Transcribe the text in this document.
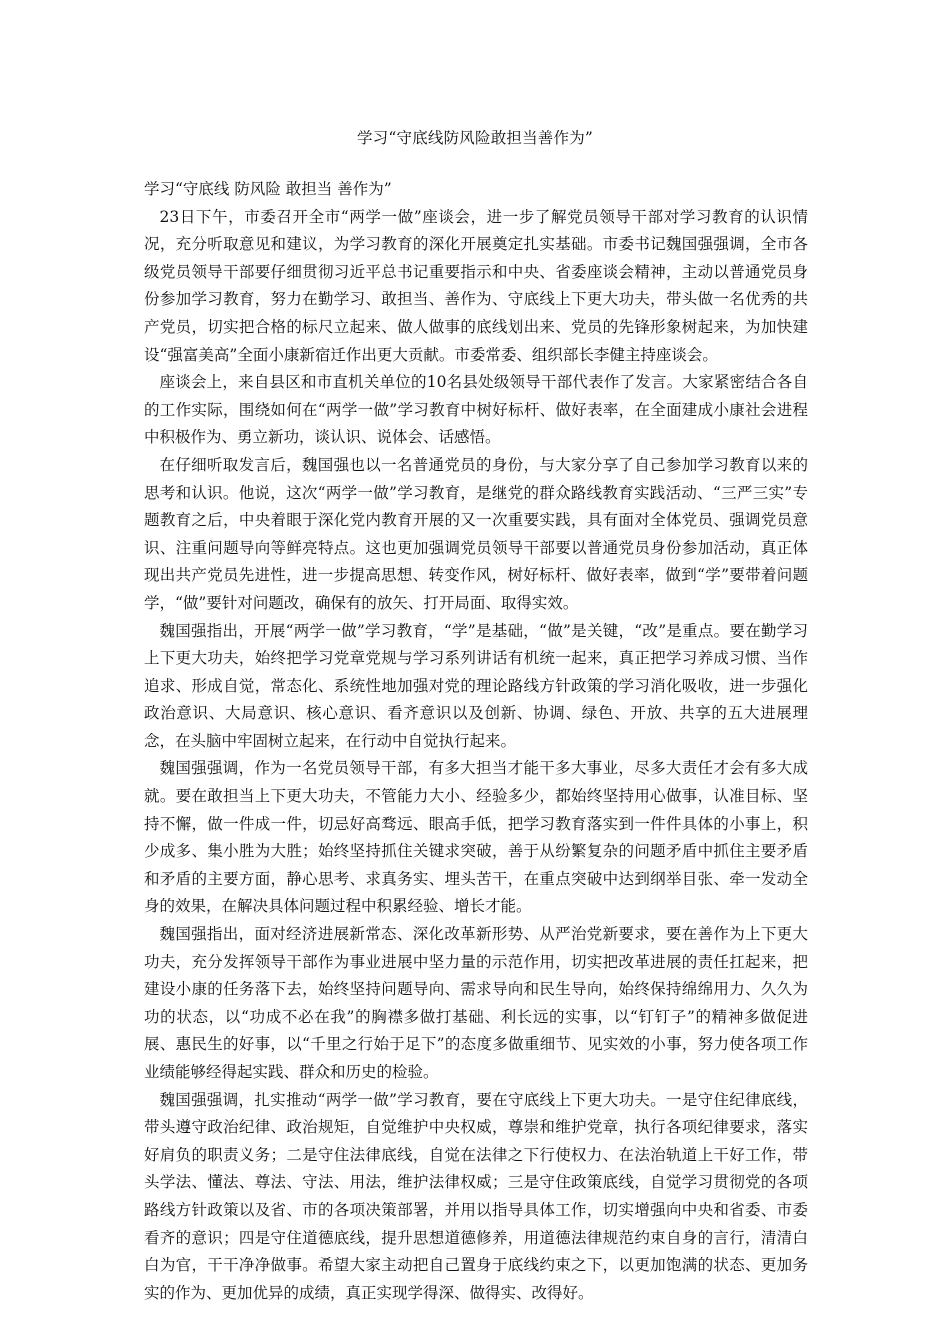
学习“守底线防风险敢担当善作为”

学习“守底线 防风险 敢担当 善作为”

23日下午，市委召开全市“两学一做”座谈会，进一步了解党员领导干部对学习教育的认识情况，充分听取意见和建议，为学习教育的深化开展奠定扎实基础。市委书记魏国强强调，全市各级党员领导干部要仔细贯彻习近平总书记重要指示和中央、省委座谈会精神，主动以普通党员身份参加学习教育，努力在勤学习、敢担当、善作为、守底线上下更大功夫，带头做一名优秀的共产党员，切实把合格的标尺立起来、做人做事的底线划出来、党员的先锋形象树起来，为加快建设“强富美高”全面小康新宿迁作出更大贡献。市委常委、组织部长李健主持座谈会。

座谈会上，来自县区和市直机关单位的10名县处级领导干部代表作了发言。大家紧密结合各自的工作实际，围绕如何在“两学一做”学习教育中树好标杆、做好表率，在全面建成小康社会进程中积极作为、勇立新功，谈认识、说体会、话感悟。

在仔细听取发言后，魏国强也以一名普通党员的身份，与大家分享了自己参加学习教育以来的思考和认识。他说，这次“两学一做”学习教育，是继党的群众路线教育实践活动、“三严三实”专题教育之后，中央着眼于深化党内教育开展的又一次重要实践，具有面对全体党员、强调党员意识、注重问题导向等鲜亮特点。这也更加强调党员领导干部要以普通党员身份参加活动，真正体现出共产党员先进性，进一步提高思想、转变作风，树好标杆、做好表率，做到“学”要带着问题学，“做”要针对问题改，确保有的放矢、打开局面、取得实效。

魏国强指出，开展“两学一做”学习教育，“学”是基础，“做”是关键，“改”是重点。要在勤学习上下更大功夫，始终把学习党章党规与学习系列讲话有机统一起来，真正把学习养成习惯、当作追求、形成自觉，常态化、系统性地加强对党的理论路线方针政策的学习消化吸收，进一步强化政治意识、大局意识、核心意识、看齐意识以及创新、协调、绿色、开放、共享的五大进展理念，在头脑中牢固树立起来，在行动中自觉执行起来。

魏国强强调，作为一名党员领导干部，有多大担当才能干多大事业，尽多大责任才会有多大成就。要在敢担当上下更大功夫，不管能力大小、经验多少，都始终坚持用心做事，认准目标、坚持不懈，做一件成一件，切忌好高骛远、眼高手低，把学习教育落实到一件件具体的小事上，积少成多、集小胜为大胜；始终坚持抓住关键求突破，善于从纷繁复杂的问题矛盾中抓住主要矛盾和矛盾的主要方面，静心思考、求真务实、埋头苦干，在重点突破中达到纲举目张、牵一发动全身的效果，在解决具体问题过程中积累经验、增长才能。

魏国强指出，面对经济进展新常态、深化改革新形势、从严治党新要求，要在善作为上下更大功夫，充分发挥领导干部作为事业进展中坚力量的示范作用，切实把改革进展的责任扛起来，把建设小康的任务落下去，始终坚持问题导向、需求导向和民生导向，始终保持绵绵用力、久久为功的状态，以“功成不必在我”的胸襟多做打基础、利长远的实事，以“钉钉子”的精神多做促进展、惠民生的好事，以“千里之行始于足下”的态度多做重细节、见实效的小事，努力使各项工作业绩能够经得起实践、群众和历史的检验。

魏国强强调，扎实推动“两学一做”学习教育，要在守底线上下更大功夫。一是守住纪律底线，带头遵守政治纪律、政治规矩，自觉维护中央权威，尊崇和维护党章，执行各项纪律要求，落实好肩负的职责义务；二是守住法律底线，自觉在法律之下行使权力、在法治轨道上干好工作，带头学法、懂法、尊法、守法、用法，维护法律权威；三是守住政策底线，自觉学习贯彻党的各项路线方针政策以及省、市的各项决策部署，并用以指导具体工作，切实增强向中央和省委、市委看齐的意识；四是守住道德底线，提升思想道德修养，用道德法律规范约束自身的言行，清清白白为官，干干净净做事。希望大家主动把自己置身于底线约束之下，以更加饱满的状态、更加务实的作为、更加优异的成绩，真正实现学得深、做得实、改得好。
